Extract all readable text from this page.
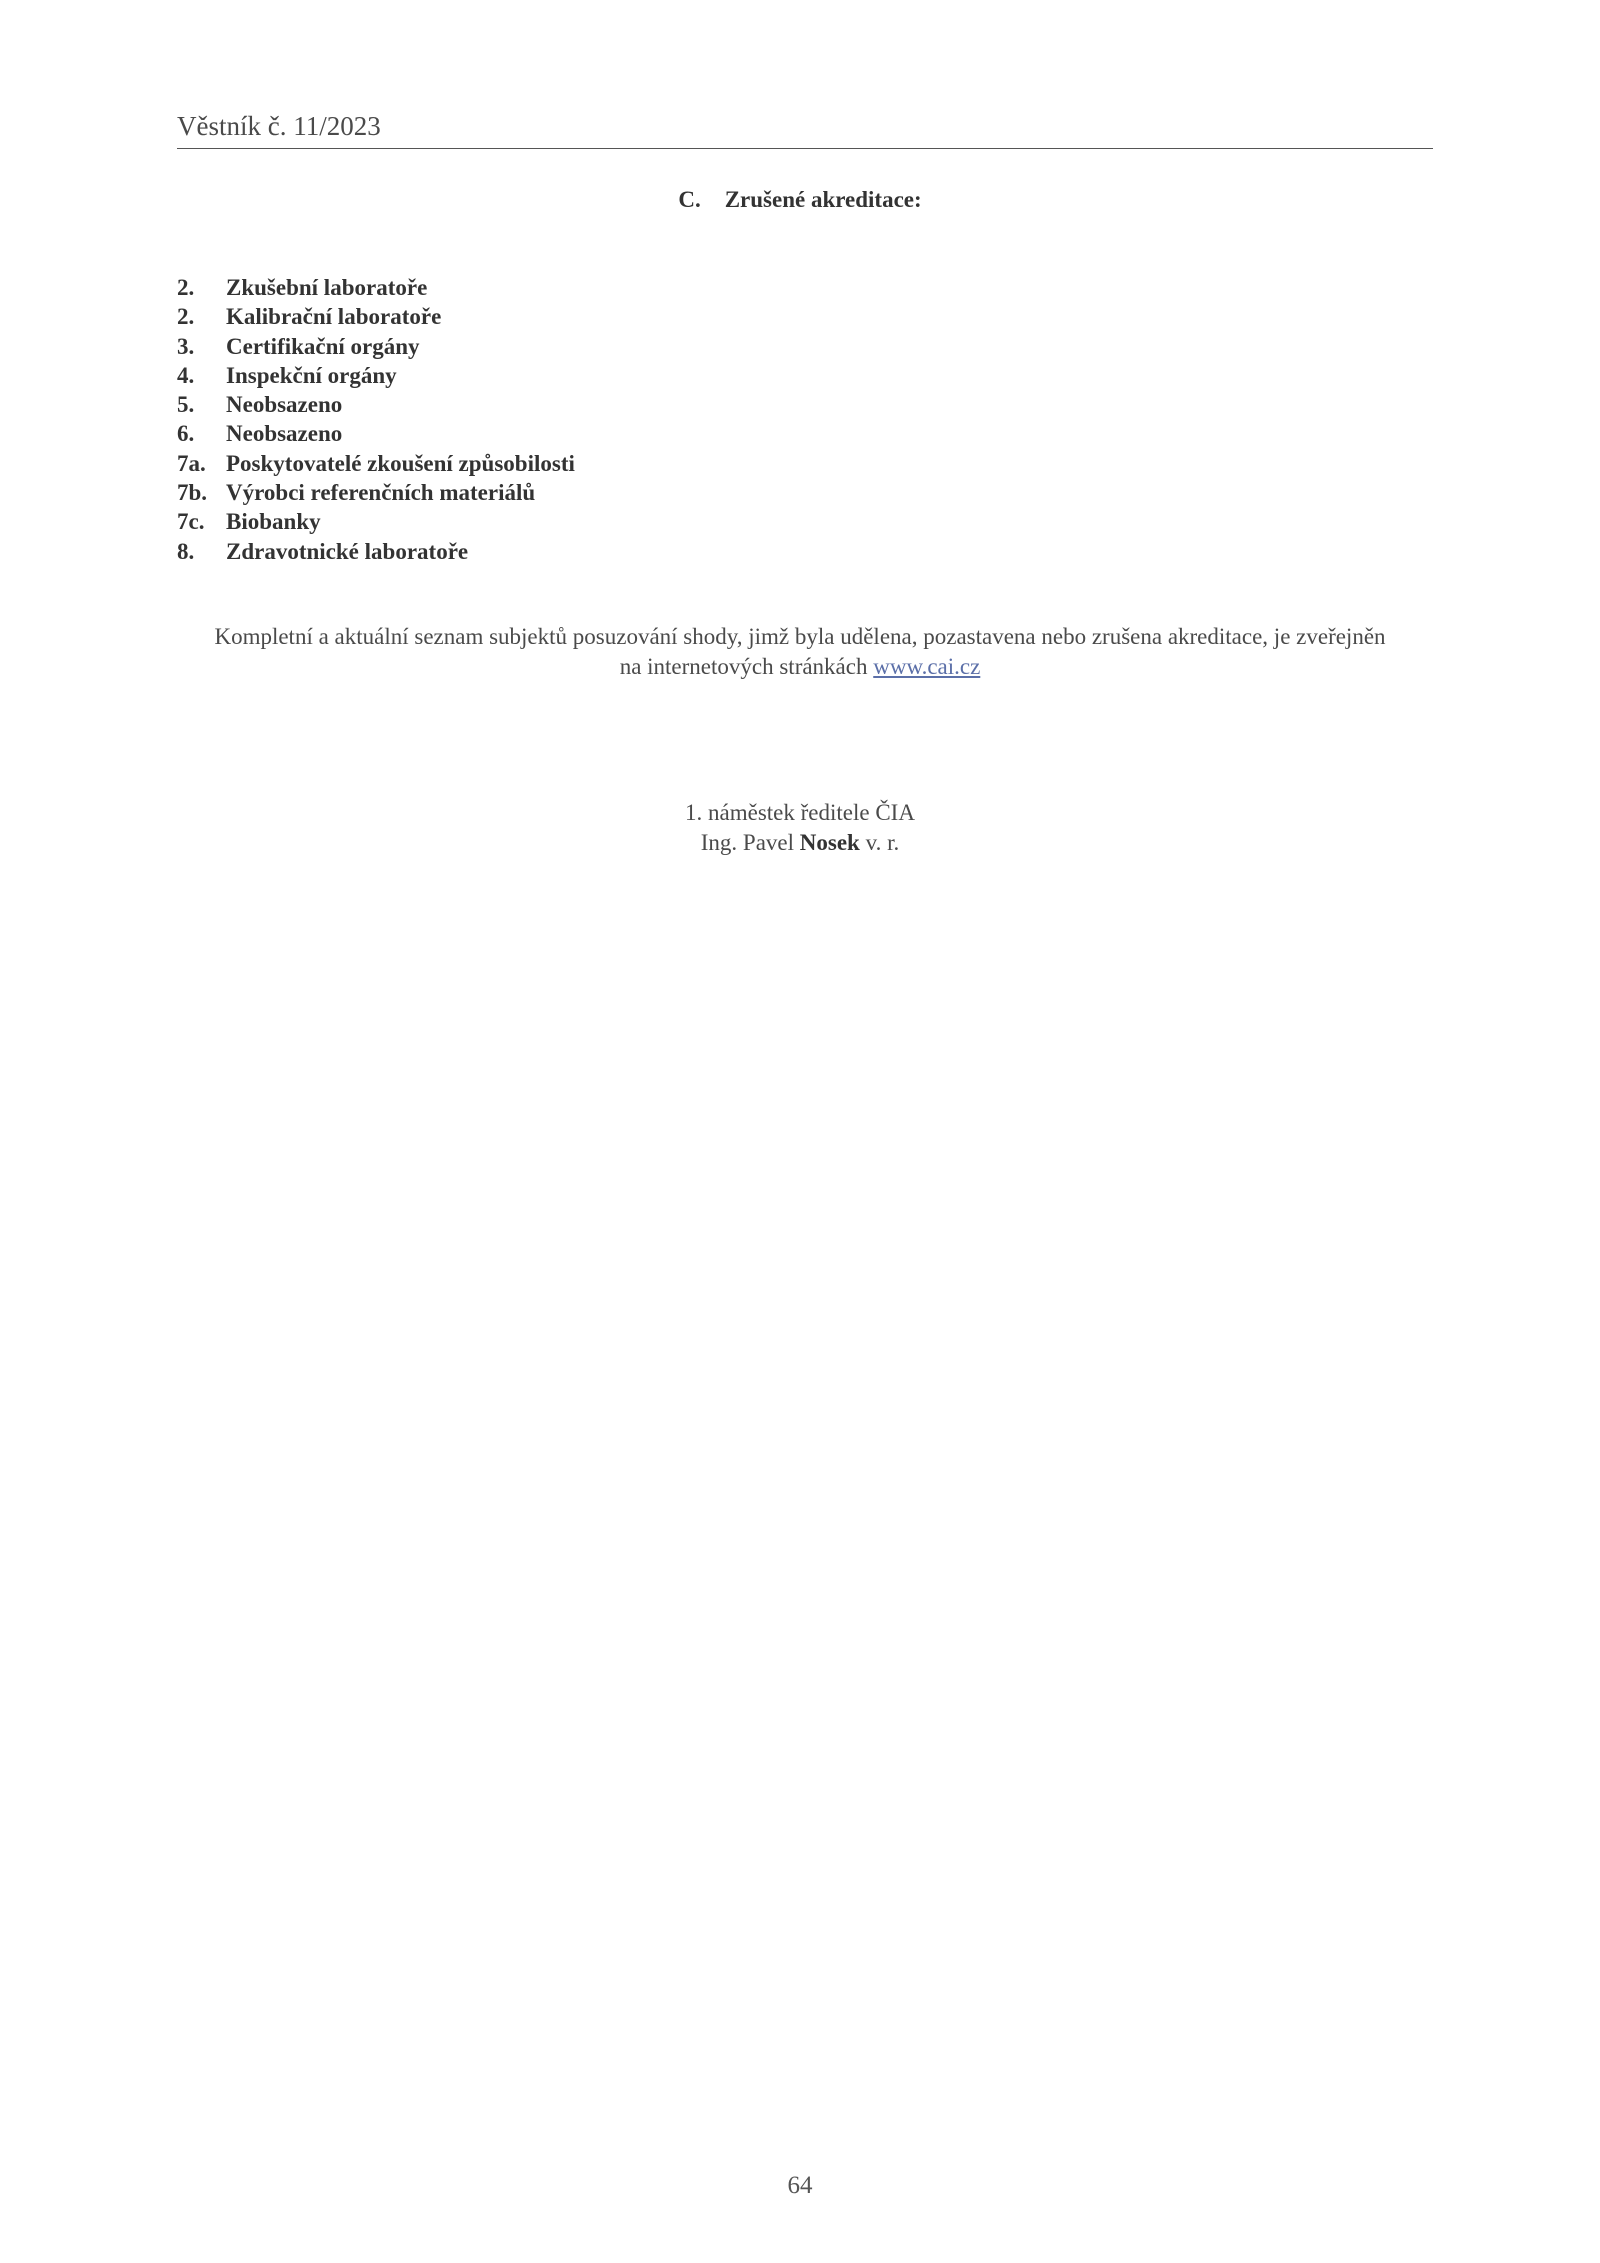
Věstník č. 11/2023
C. Zrušené akreditace:
2. Zkušební laboratoře
2. Kalibrační laboratoře
3. Certifikační orgány
4. Inspekční orgány
5. Neobsazeno
6. Neobsazeno
7a. Poskytovatelé zkoušení způsobilosti
7b. Výrobci referenčních materiálů
7c. Biobanky
8. Zdravotnické laboratoře
Kompletní a aktuální seznam subjektů posuzování shody, jimž byla udělena, pozastavena nebo zrušena akreditace, je zveřejněn
na internetových stránkách www.cai.cz
1. náměstek ředitele ČIA
Ing. Pavel Nosek v. r.
64
